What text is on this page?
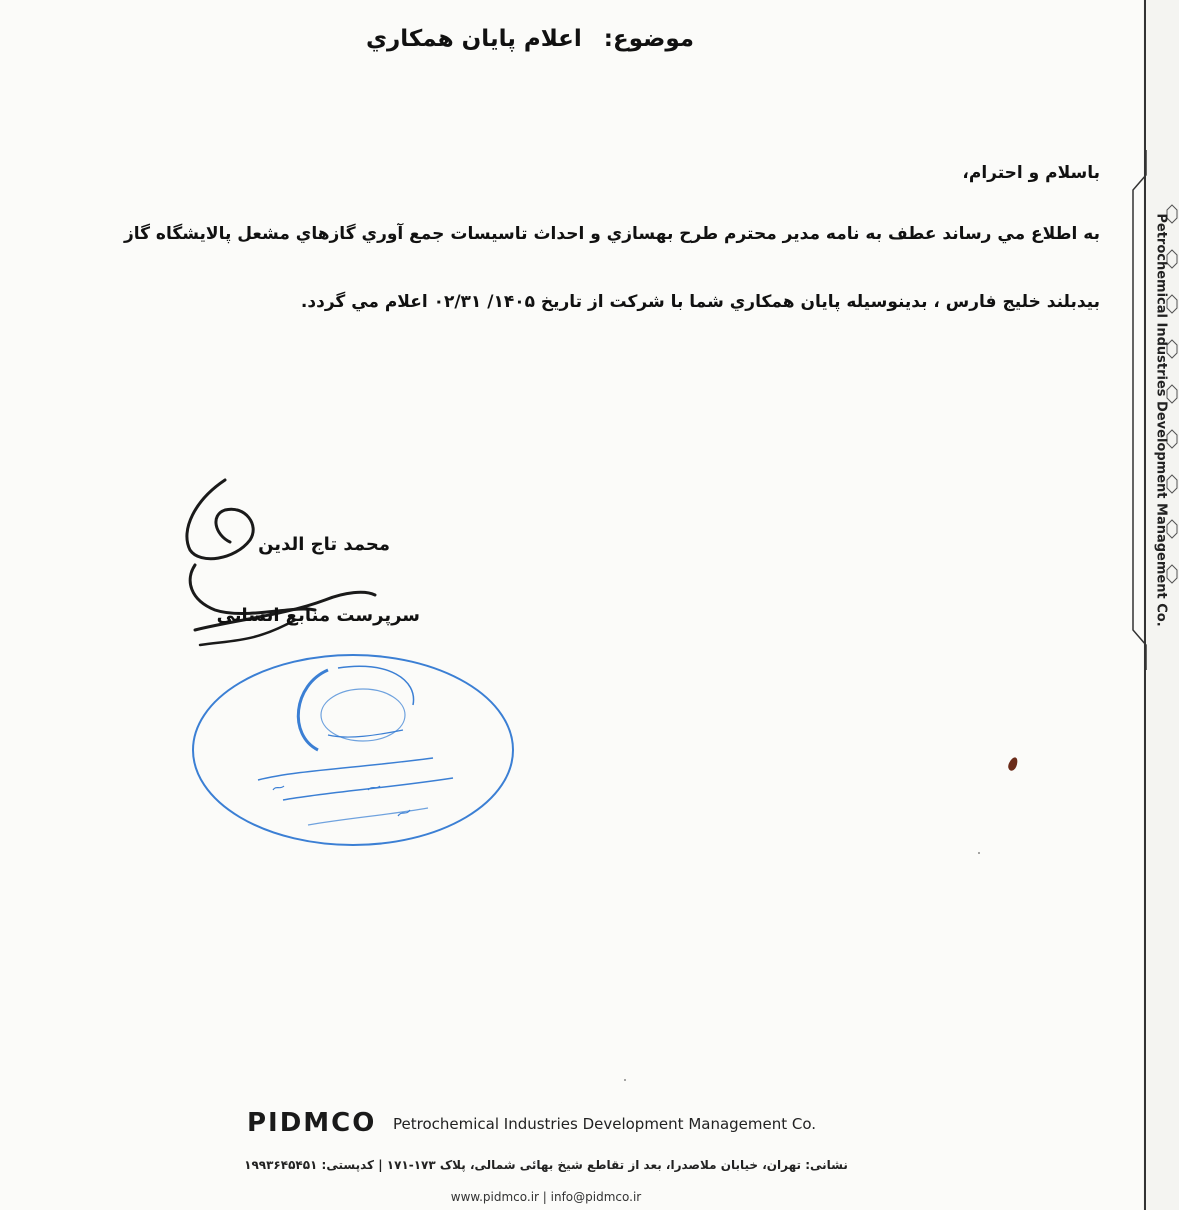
موضوع: اعلام پايان همكاري
باسلام و احترام،
به اطلاع مي رساند عطف به نامه مدير محترم طرح بهسازي و احداث تاسيسات جمع آوري گازهاي مشعل پالايشگاه گاز
بيدبلند خليج فارس ، بدينوسيله پايان همكاري شما با شركت از تاريخ ۱۴۰۵/ ۰۲/۳۱ اعلام مي گردد.
محمد تاج الدين
سرپرست منابع انسانی	Petrochemical Industries Development Management Co.
PIDMCO Petrochemical Industries Development Management Co.
نشانی: تهران، خیابان ملاصدرا، بعد از تقاطع شیخ بهائی شمالی، پلاک ۱۷۳-۱۷۱ | کدپستی: ۱۹۹۳۶۴۵۴۵۱
www.pidmco.ir | info@pidmco.ir
